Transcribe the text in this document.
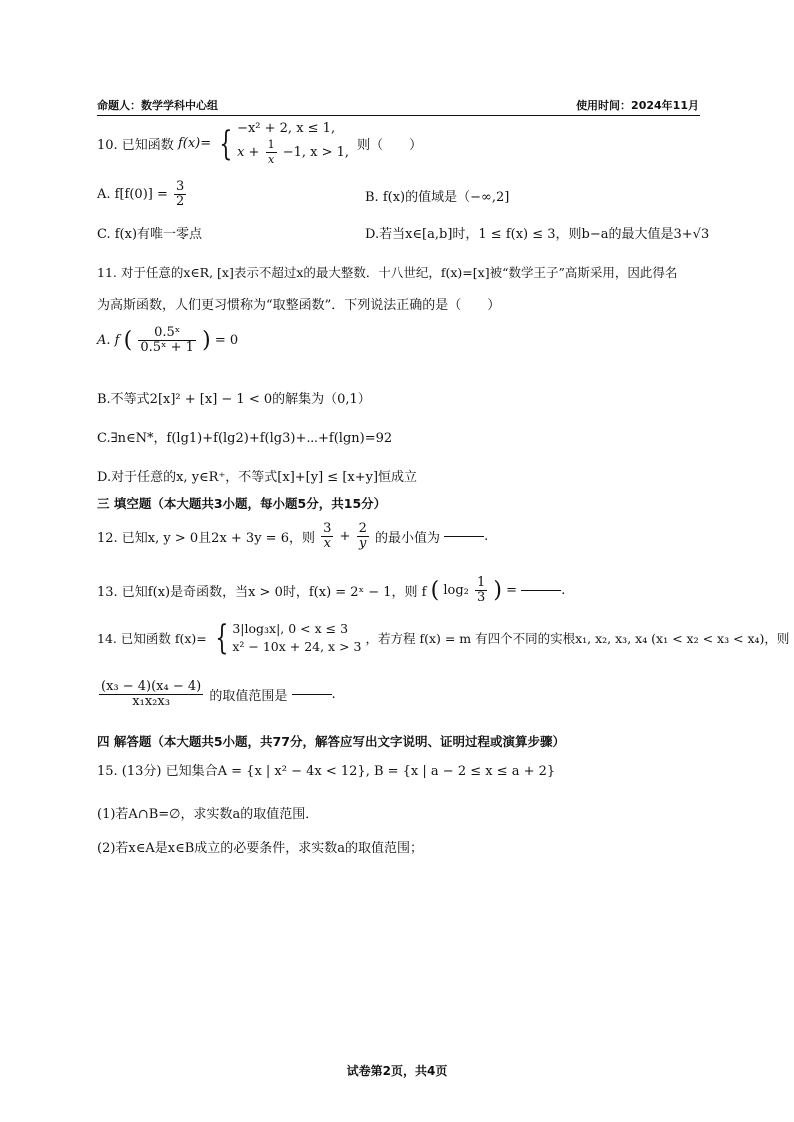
命题人：数学学科中心组	使用时间：2024年11月
10. 已知函数 f(x)= { −x² + 2, x ≤ 1,
$x + \frac{1}{x} -1$, x > 1, 则（　　）
A. $f[f(0)] = \frac{3}{2}$	B. f(x)的值域是（−∞,2]
C. f(x)有唯一零点	D.若当x∈[a,b]时，1 ≤ f(x) ≤ 3，则b−a的最大值是3+√3
11. 对于任意的x∈R, [x]表示不超过x的最大整数．十八世纪，f(x)=[x]被“数学王子”高斯采用，因此得名
为高斯函数，人们更习惯称为“取整函数”．下列说法正确的是（　　）
A. f ( $\frac{\text{0.5ˣ}}{\text{0.5ˣ + 1}}$ ) = 0
B.不等式2[x]² + [x] − 1 < 0的解集为（0,1）
C.∃n∈N*，f(lg1)+f(lg2)+f(lg3)+⋯+f(lgn)=92
D.对于任意的x, y∈R⁺，不等式[x]+[y] ≤ [x+y]恒成立
三 填空题（本大题共3小题，每小题5分，共15分）
12. 已知x, y > 0且2x + 3y = 6，则 $\frac{3}{x} + \frac{2}{y}$ 的最小值为	.
13. 已知f(x)是奇函数，当x > 0时，f(x) = 2ˣ − 1，则 f ( $\log_2 \frac{1}{3}$ ) =	.
14. 已知函数 f(x)= { 3|log₃x|, 0 < x ≤ 3
x² − 10x + 24, x > 3
，若方程 f(x) = m 有四个不同的实根x₁, x₂, x₃, x₄ (x₁ < x₂ < x₃ < x₄)，则
$\frac{\text{(x₃ − 4)(x₄ − 4)}}{\text{x₁x₂x₃}}$ 的取值范围是	.
四 解答题（本大题共5小题，共77分，解答应写出文字说明、证明过程或演算步骤）
15. (13分) 已知集合A = {x | x² − 4x < 12}, B = {x | a − 2 ≤ x ≤ a + 2}
(1)若A∩B=∅，求实数a的取值范围．
(2)若x∈A是x∈B成立的必要条件，求实数a的取值范围；
试卷第2页，共4页
